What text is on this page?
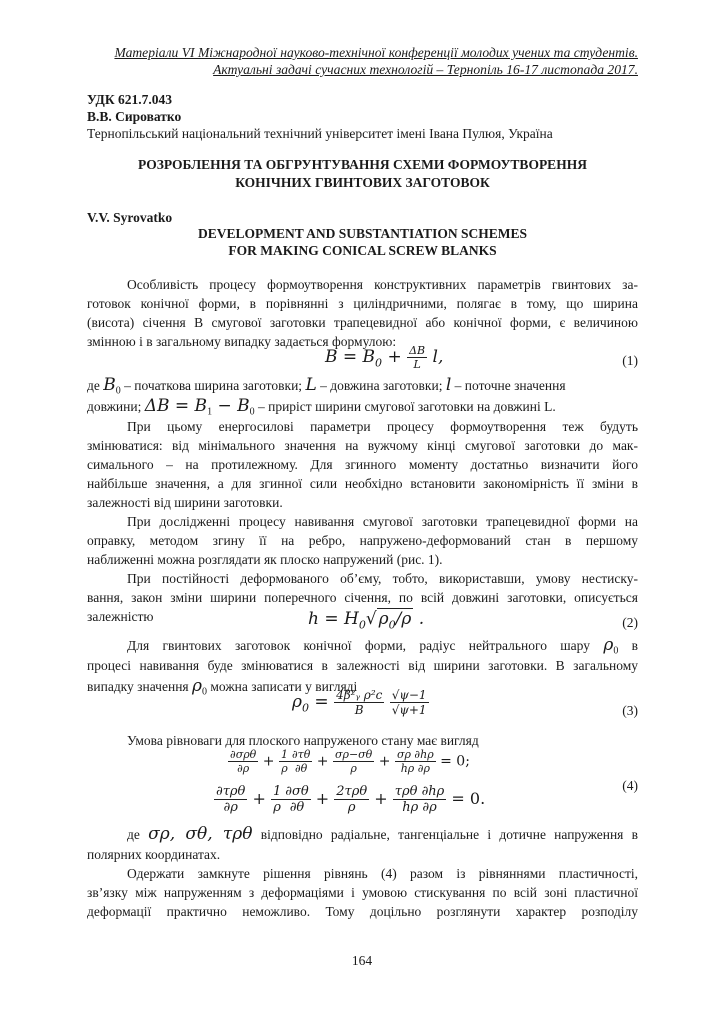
Матеріали VI Міжнародної науково-технічної конференції молодих учених та студентів.
Актуальні задачі сучасних технологій – Тернопіль 16-17 листопада 2017.
УДК 621.7.043
В.В. Сироватко
Тернопільський національний технічний університет імені Івана Пулюя, Україна
РОЗРОБЛЕННЯ ТА ОБГРУНТУВАННЯ СХЕМИ ФОРМОУТВОРЕННЯ
КОНІЧНИХ ГВИНТОВИХ ЗАГОТОВОК
V.V. Syrovatko
DEVELOPMENT AND SUBSTANTIATION SCHEMES
FOR MAKING CONICAL SCREW BLANKS
Особливість процесу формоутворення конструктивних параметрів гвинтових за-
готовок конічної форми, в порівнянні з циліндричними, полягає в тому, що ширина
(висота) січення B смугової заготовки трапецевидної або конічної форми, є величиною
змінною і в загальному випадку задається формулою:
$B = B_0 + \frac{\Delta B}{L} l$,	(1)
де $B_0$ – початкова ширина заготовки; L – довжина заготовки; l – поточне значення
довжини; $\Delta B = B_1 - B_0$ – приріст ширини смугової заготовки на довжині L.
При цьому енергосилові параметри процесу формоутворення теж будуть
змінюватися: від мінімального значення на вужчому кінці смугової заготовки до мак-
симального – на протилежному. Для згинного моменту достатньо визначити його
найбільше значення, а для згинної сили необхідно встановити закономірність її зміни в
залежності від ширини заготовки.
При дослідженні процесу навивання смугової заготовки трапецевидної форми на
оправку, методом згину її на ребро, напружено-деформований стан в першому
наближенні можна розглядати як плоско напружений (рис. 1).
При постійності деформованого об’єму, тобто, використавши, умову нестиску-
вання, закон зміни ширини поперечного січення, по всій довжині заготовки, описується
залежністю	$h = H_0√$ $\rho_0/\rho$ .	(2)
Для гвинтових заготовок конічної форми, радіус нейтрального шару $\rho_0$ в
процесі навивання буде змінюватися в залежності від ширини заготовки. В загальному
випадку значення $\rho_0$ можна записати у вигляді
$\rho_0 = \frac{\text{4β²ᵧ ρ²c}}{B}$
$\frac{√\psi-1}{√\psi+1}$	(3)
Умова рівноваги для плоского напруженого стану має вигляд
$\frac{\text{∂σρθ}}{\partial\rho} + \frac{1}{\rho} \frac{\partial\tau\theta}{\partial\theta} + \frac{\sigma\rho-\sigma\theta}{\rho} + \frac{\sigma\rho \partial h\rho}{h\rho \partial\rho} = 0$;
$\frac{\text{∂τρθ}}{\partial\rho} + \frac{1}{\rho} \frac{\partial\sigma\theta}{\partial\theta} + \frac{\text{2τρθ}}{\rho} + \frac{\text{τρθ ∂hρ}}{h\rho \partial\rho} = 0$.
(4)
де σρ, σθ, τρθ відповідно радіальне, тангенціальне і дотичне напруження в
полярних координатах.
Одержати замкнуте рішення рівнянь (4) разом із рівняннями пластичності,
зв’язку між напруженням з деформаціями і умовою стискування по всій зоні пластичної
деформації практично неможливо. Тому доцільно розглянути характер розподілу
164
